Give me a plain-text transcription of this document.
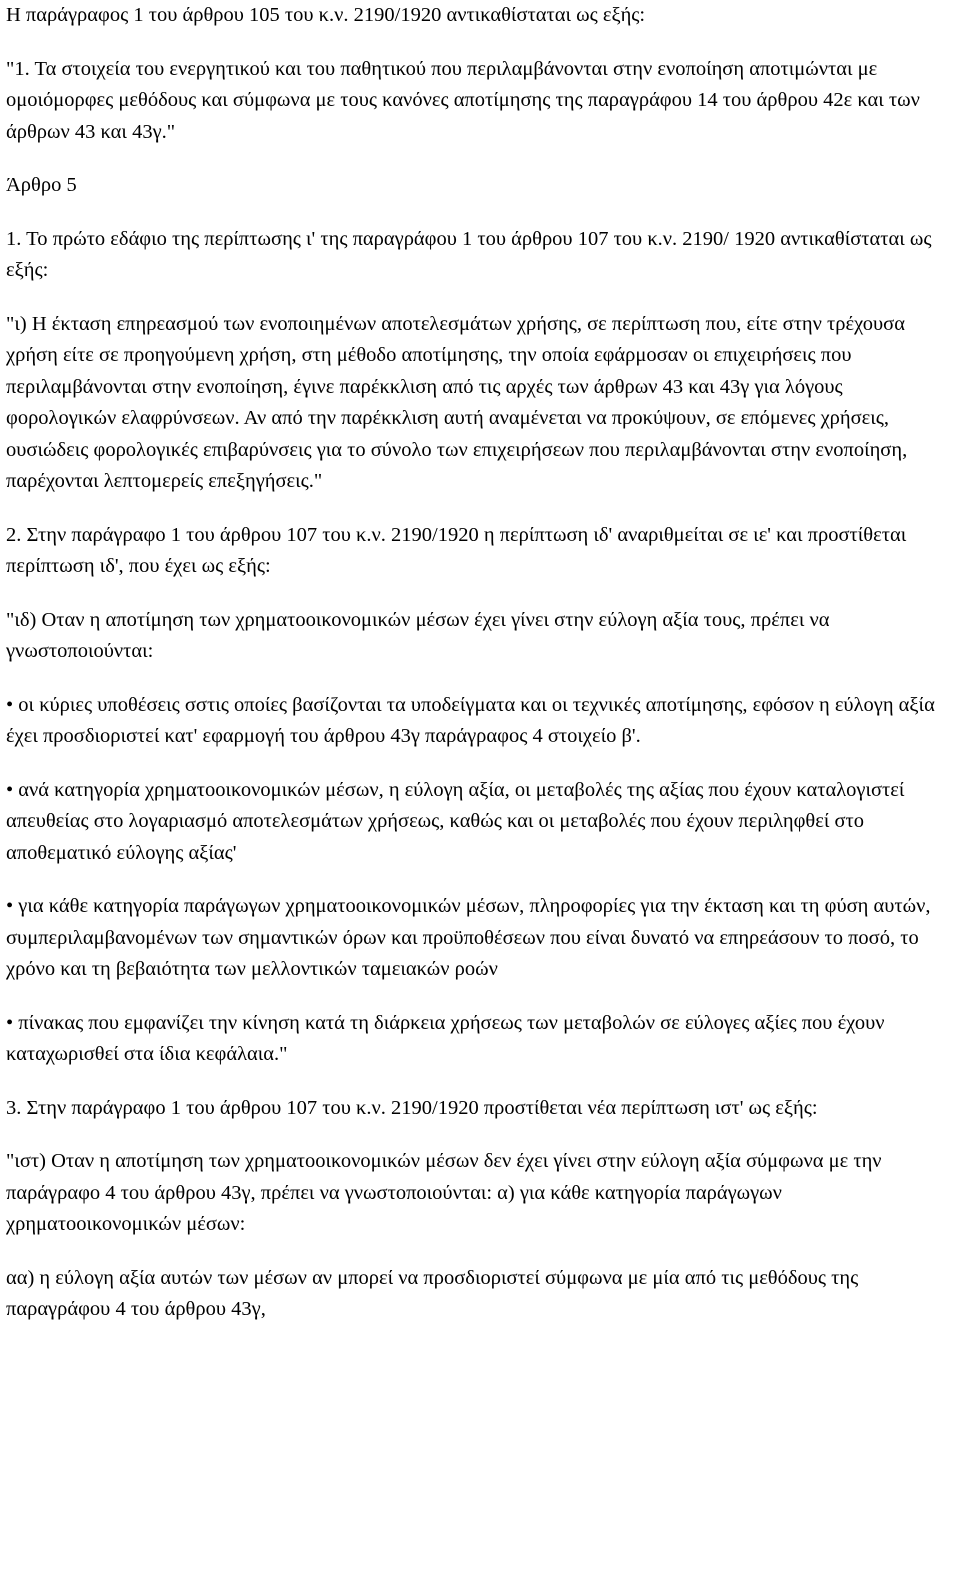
Η παράγραφος 1 του άρθρου 105 του κ.ν. 2190/1920 αντικαθίσταται ως εξής:

"1. Τα στοιχεία του ενεργητικού και του παθητικού που περιλαμβάνονται στην ενοποίηση αποτιμώνται με ομοιόμορφες μεθόδους και σύμφωνα με τους κανόνες αποτίμησης της παραγράφου 14 του άρθρου 42ε και των άρθρων 43 και 43γ."

Άρθρο 5

1. Το πρώτο εδάφιο της περίπτωσης ι' της παραγράφου 1 του άρθρου 107 του κ.ν. 2190/ 1920 αντικαθίσταται ως εξής:

"ι) Η έκταση επηρεασμού των ενοποιημένων αποτελεσμάτων χρήσης, σε περίπτωση που, είτε στην τρέχουσα χρήση είτε σε προηγούμενη χρήση, στη μέθοδο αποτίμησης, την οποία εφάρμοσαν οι επιχειρήσεις που περιλαμβάνονται στην ενοποίηση, έγινε παρέκκλιση από τις αρχές των άρθρων 43 και 43γ για λόγους φορολογικών ελαφρύνσεων. Αν από την παρέκκλιση αυτή αναμένεται να προκύψουν, σε επόμενες χρήσεις, ουσιώδεις φορολογικές επιβαρύνσεις για το σύνολο των επιχειρήσεων που περιλαμβάνονται στην ενοποίηση, παρέχονται λεπτομερείς επεξηγήσεις."

2. Στην παράγραφο 1 του άρθρου 107 του κ.ν. 2190/1920 η περίπτωση ιδ' αναριθμείται σε ιε' και προστίθεται περίπτωση ιδ', που έχει ως εξής:

"ιδ) Οταν η αποτίμηση των χρηματοοικονομικών μέσων έχει γίνει στην εύλογη αξία τους, πρέπει να γνωστοποιούνται:

• οι κύριες υποθέσεις σστις οποίες βασίζονται τα υποδείγματα και οι τεχνικές αποτίμησης, εφόσον η εύλογη αξία έχει προσδιοριστεί κατ' εφαρμογή του άρθρου 43γ παράγραφος 4 στοιχείο β'.

• ανά κατηγορία χρηματοοικονομικών μέσων, η εύλογη αξία, οι μεταβολές της αξίας που έχουν καταλογιστεί απευθείας στο λογαριασμό αποτελεσμάτων χρήσεως, καθώς και οι μεταβολές που έχουν περιληφθεί στο αποθεματικό εύλογης αξίας'

• για κάθε κατηγορία παράγωγων χρηματοοικονομικών μέσων, πληροφορίες για την έκταση και τη φύση αυτών, συμπεριλαμβανομένων των σημαντικών όρων και προϋποθέσεων που είναι δυνατό να επηρεάσουν το ποσό, το χρόνο και τη βεβαιότητα των μελλοντικών ταμειακών ροών

• πίνακας που εμφανίζει την κίνηση κατά τη διάρκεια χρήσεως των μεταβολών σε εύλογες αξίες που έχουν καταχωρισθεί στα ίδια κεφάλαια."

3. Στην παράγραφο 1 του άρθρου 107 του κ.ν. 2190/1920 προστίθεται νέα περίπτωση ιστ' ως εξής:

"ιστ) Οταν η αποτίμηση των χρηματοοικονομικών μέσων δεν έχει γίνει στην εύλογη αξία σύμφωνα με την παράγραφο 4 του άρθρου 43γ, πρέπει να γνωστοποιούνται: α) για κάθε κατηγορία παράγωγων χρηματοοικονομικών μέσων:

αα) η εύλογη αξία αυτών των μέσων αν μπορεί να προσδιοριστεί σύμφωνα με μία από τις μεθόδους της παραγράφου 4 του άρθρου 43γ,
